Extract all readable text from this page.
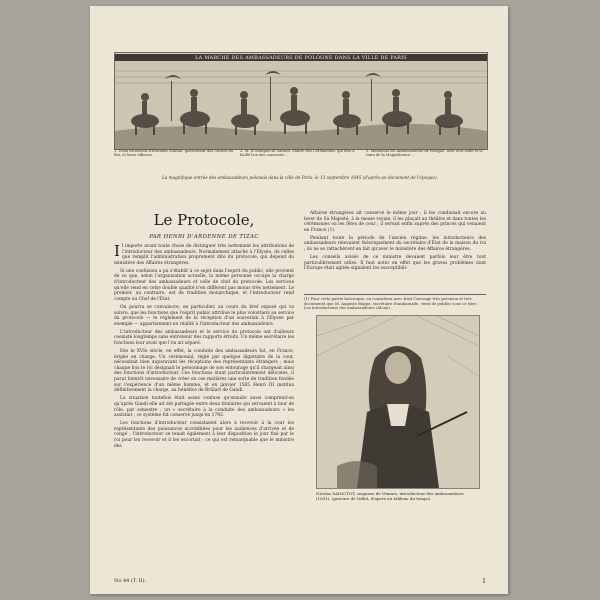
LA MARCHE DES AMBASSADEURS DE POLOGNE DANS LA VILLE DE PARIS
1. Deux escadrons d'Estrades Maison, gouverneur des Gardes du Roi, et leurs officiers ...
2. M. le Marquis de Saintot, Maître des Cérémonies, qui leur a baillé l'un des carrosses ...
3. Messieurs les Ambassadeurs de Pologne, avec leur suite et le train de la Magnificence ...
La magnifique entrée des ambassadeurs polonais dans la ville de Paris, le 13 septembre 1645 (d'après un document de l'époque).
Le Protocole,
PAR HENRI D'ARDENNE DE TIZAC

Il importe avant toute chose de distinguer très nettement les attributions de l'introducteur des ambassadeurs. Normalement attaché à l'Elysée, de celles que remplit l'administration proprement dite du protocole, qui dépend du ministère des Affaires étrangères.

Si une confusion a pu s'établir à ce sujet dans l'esprit du public, elle provient de ce que, selon l'organisation actuelle, la même personne occupe la charge d'introducteur des ambassadeurs et celle de chef du protocole. Les services qu'elle rend en cette double qualité n'en diffèrent pas moins très nettement. Le premier, au contraire, est de tradition monarchique, et l'introducteur rend compte au Chef de l'État.

On pourra se convaincre, en particulier, au cours du bref exposé qui va suivre, que les fonctions que l'esprit public attribue le plus volontiers au service du protocole — le règlement de la réception d'un souverain à l'Elysée par exemple — appartiennent en réalité à l'introducteur des ambassadeurs.

L'introducteur des ambassadeurs et le service du protocole ont d'ailleurs coexisté longtemps sans entretenir des rapports étroits. Un même secrétaire les fonctions leur avait que l'on ait séparé.

Dès le XVIe siècle, en effet, la conduite des ambassadeurs fut, en France, érigée en charge. Un cérémonial, réglé par quelque dignitaire de la cour, nécessitait bien auparavant les réceptions des représentants étrangers ; mais chaque fois le roi désignait le personnage de son entourage qu'il chargeait ainsi des fonctions d'introducteur. Ces fonctions étant particulièrement délicates, il parut bientôt nécessaire de créer en ces matières une sorte de tradition fondée sur l'expérience d'un même homme, et en janvier 1585 Henri III institua définitivement la charge, au bénéfice de Brûlart de Gandi.

La situation toutefois était assez confuse qu'ensuite aussi comprend-on qu'après Gandi elle ait été partagée entre deux titulaires qui servaient à tour de rôle, par semestre ; un « secrétaire à la conduite des ambassadeurs » les assistait ; ce système fut conservé jusqu'en 1792.

Les fonctions d'introducteur consistaient alors à recevoir à la cour les représentants des puissances accréditées pour les audiences d'arrivée et de congé ; l'introducteur se tenait également à leur disposition le jour fixé par le roi pour les recevoir et il les escortait ; ce qui est remarquable que le ministre des

Affaires étrangères ait conservé le même jour ; il les conduisait encore au lever de Sa Majesté, à la messe royale, il les plaçait au théâtre et dans toutes les cérémonies ou les fêtes de cour ; il servait enfin auprès des princes qui venaient en France (1).

Pendant toute la période de l'ancien régime, les introducteurs des ambassadeurs relevaient théoriquement du secrétaire d'État de la maison du roi ; ils ne se rattachèrent en fait qu'avec le ministère des Affaires étrangères.

Les conseils avisés de ce ministre devaient parfois leur être tout particulièrement utiles. Il faut noter en effet que les graves problèmes dont l'Europe était agitée signalent les susceptibili-

(1) Pour cette partie historique, on consultera avec fruit l'ouvrage très précieux et très documenté que M. Auguste Boppe, secrétaire d'ambassade, vient de publier sous ce titre : Les introducteurs des ambassadeurs (Alcan).
Nicolas SAINCTOT, seigneur de Vemars, introducteur des ambassadeurs (1691), (gravure de Vallet, d'après un tableau du temps).
No 44 (T. II).	1
